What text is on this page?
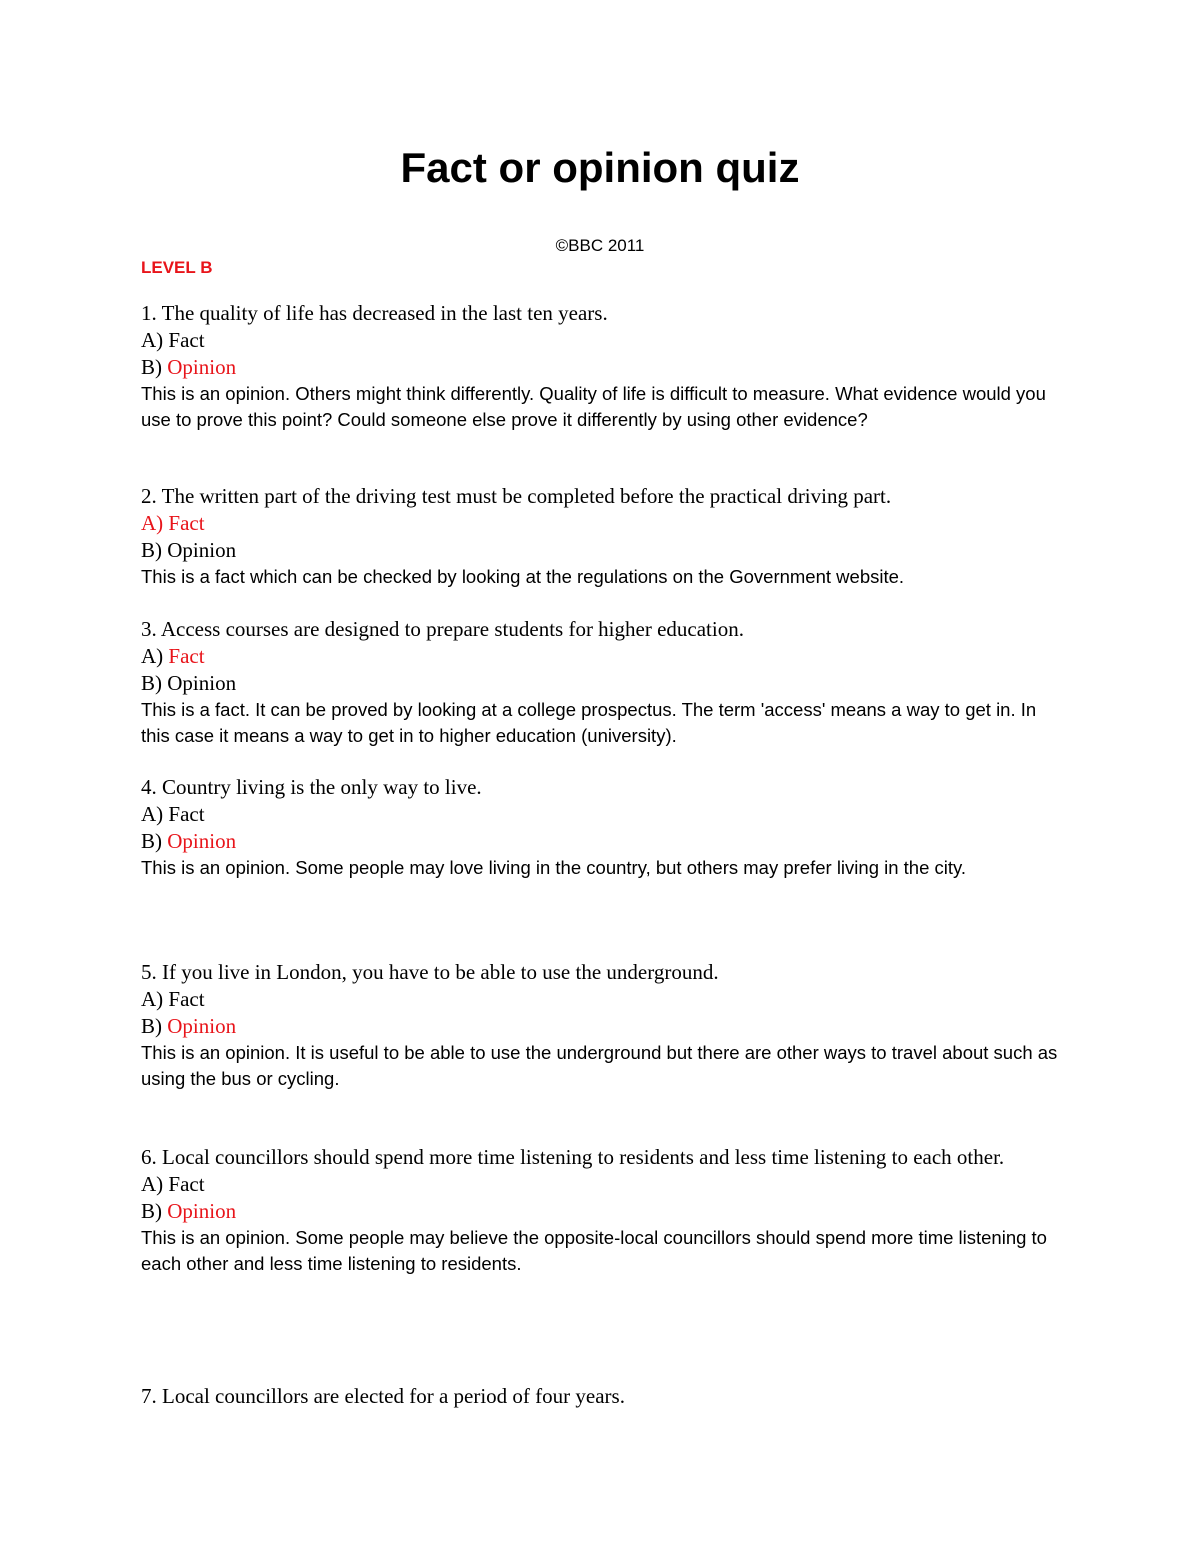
Fact or opinion quiz
©BBC 2011
LEVEL B
1. The quality of life has decreased in the last ten years.
A) Fact
B) Opinion
This is an opinion. Others might think differently. Quality of life is difficult to measure. What evidence would you use to prove this point? Could someone else prove it differently by using other evidence?
2. The written part of the driving test must be completed before the practical driving part.
A) Fact
B) Opinion
This is a fact which can be checked by looking at the regulations on the Government website.
3. Access courses are designed to prepare students for higher education.
A) Fact
B) Opinion
This is a fact. It can be proved by looking at a college prospectus. The term 'access' means a way to get in. In this case it means a way to get in to higher education (university).
4. Country living is the only way to live.
A) Fact
B) Opinion
This is an opinion. Some people may love living in the country, but others may prefer living in the city.
5. If you live in London, you have to be able to use the underground.
A) Fact
B) Opinion
This is an opinion. It is useful to be able to use the underground but there are other ways to travel about such as using the bus or cycling.
6. Local councillors should spend more time listening to residents and less time listening to each other.
A) Fact
B) Opinion
This is an opinion. Some people may believe the opposite-local councillors should spend more time listening to each other and less time listening to residents.
7. Local councillors are elected for a period of four years.
